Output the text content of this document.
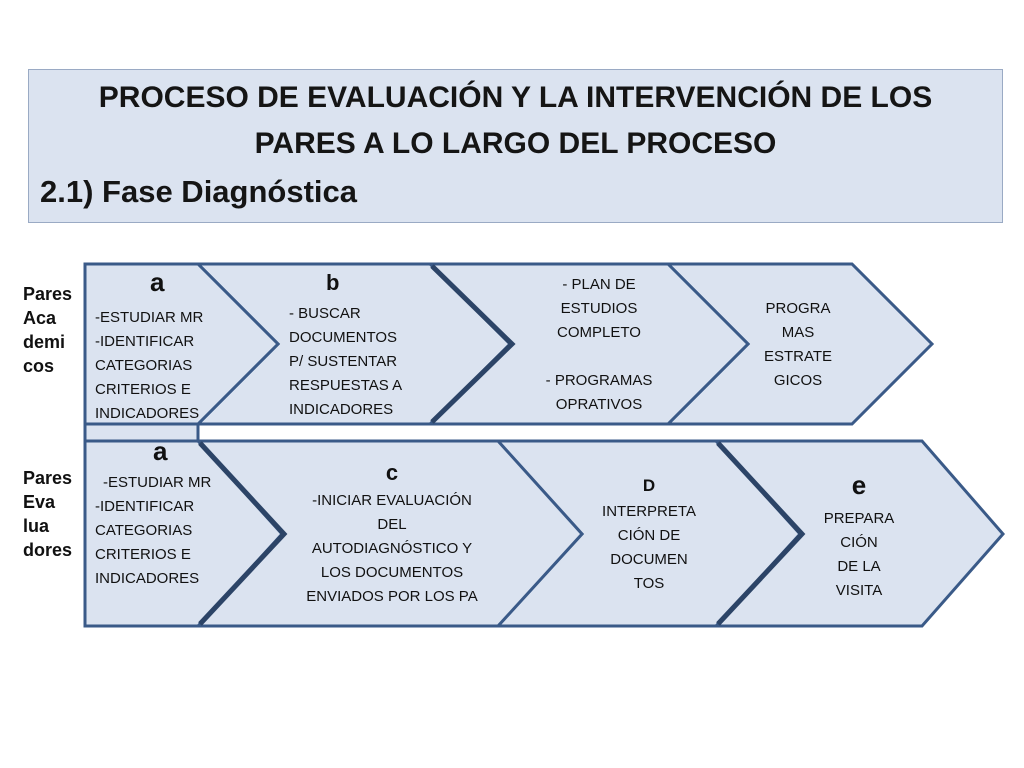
PROCESO DE EVALUACIÓN Y LA INTERVENCIÓN DE LOS
PARES A LO LARGO DEL PROCESO
2.1) Fase Diagnóstica
Pares
Aca
demi
cos
Pares
Eva
lua
dores
a
-ESTUDIAR MR
-IDENTIFICAR
CATEGORIAS
CRITERIOS E
INDICADORES
b
- BUSCAR
DOCUMENTOS
P/ SUSTENTAR
RESPUESTAS A
INDICADORES
- PLAN DE
ESTUDIOS
COMPLETO
- PROGRAMAS
OPRATIVOS
PROGRA
MAS
ESTRATE
GICOS
a
-ESTUDIAR MR
-IDENTIFICAR
CATEGORIAS
CRITERIOS E
INDICADORES
c
-INICIAR EVALUACIÓN
DEL
AUTODIAGNÓSTICO Y
LOS DOCUMENTOS
ENVIADOS POR LOS PA
D
INTERPRETA
CIÓN DE
DOCUMEN
TOS
e
PREPARA
CIÓN
DE LA
VISITA
